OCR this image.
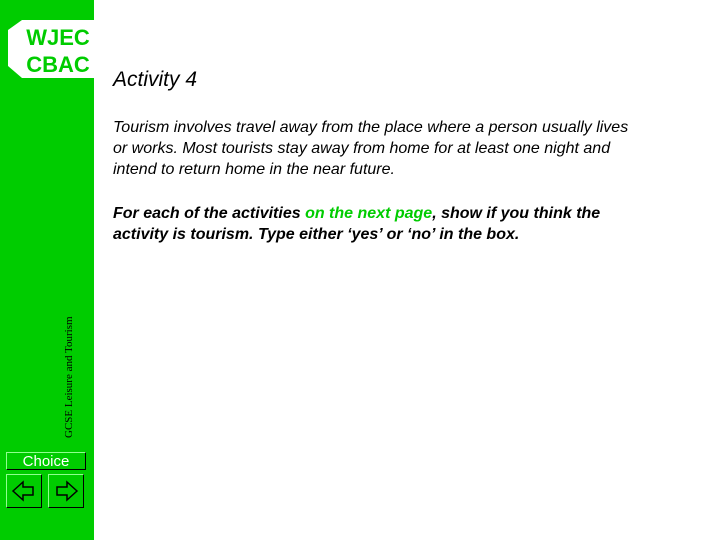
WJEC
CBAC
GCSE Leisure and Tourism
Choice
Activity 4

Tourism involves travel away from the place where a person usually lives or works. Most tourists stay away from home for at least one night and intend to return home in the near future.

For each of the activities on the next page, show if you think the activity is tourism. Type either ‘yes’ or ‘no’ in the box.
